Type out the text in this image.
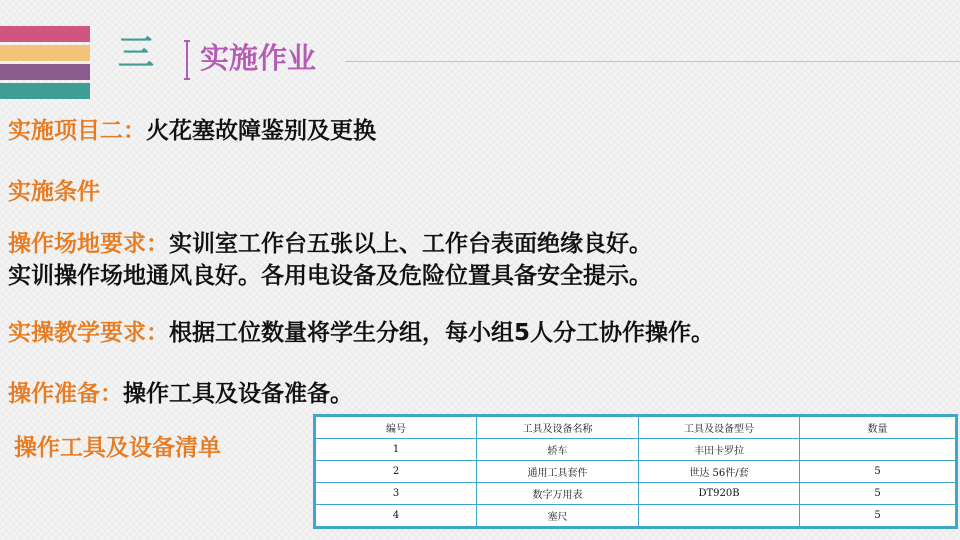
三 实施作业
实施项目二：火花塞故障鉴别及更换
实施条件
操作场地要求：实训室工作台五张以上、工作台表面绝缘良好。
实训操作场地通风良好。各用电设备及危险位置具备安全提示。
实操教学要求：根据工位数量将学生分组，每小组5人分工协作操作。
操作准备：操作工具及设备准备。
操作工具及设备清单
编号	工具及设备名称	工具及设备型号	数量
1	轿车	丰田卡罗拉	
2	通用工具套件	世达 56件/套	5
3	数字万用表	DT920B	5
4	塞尺		5
